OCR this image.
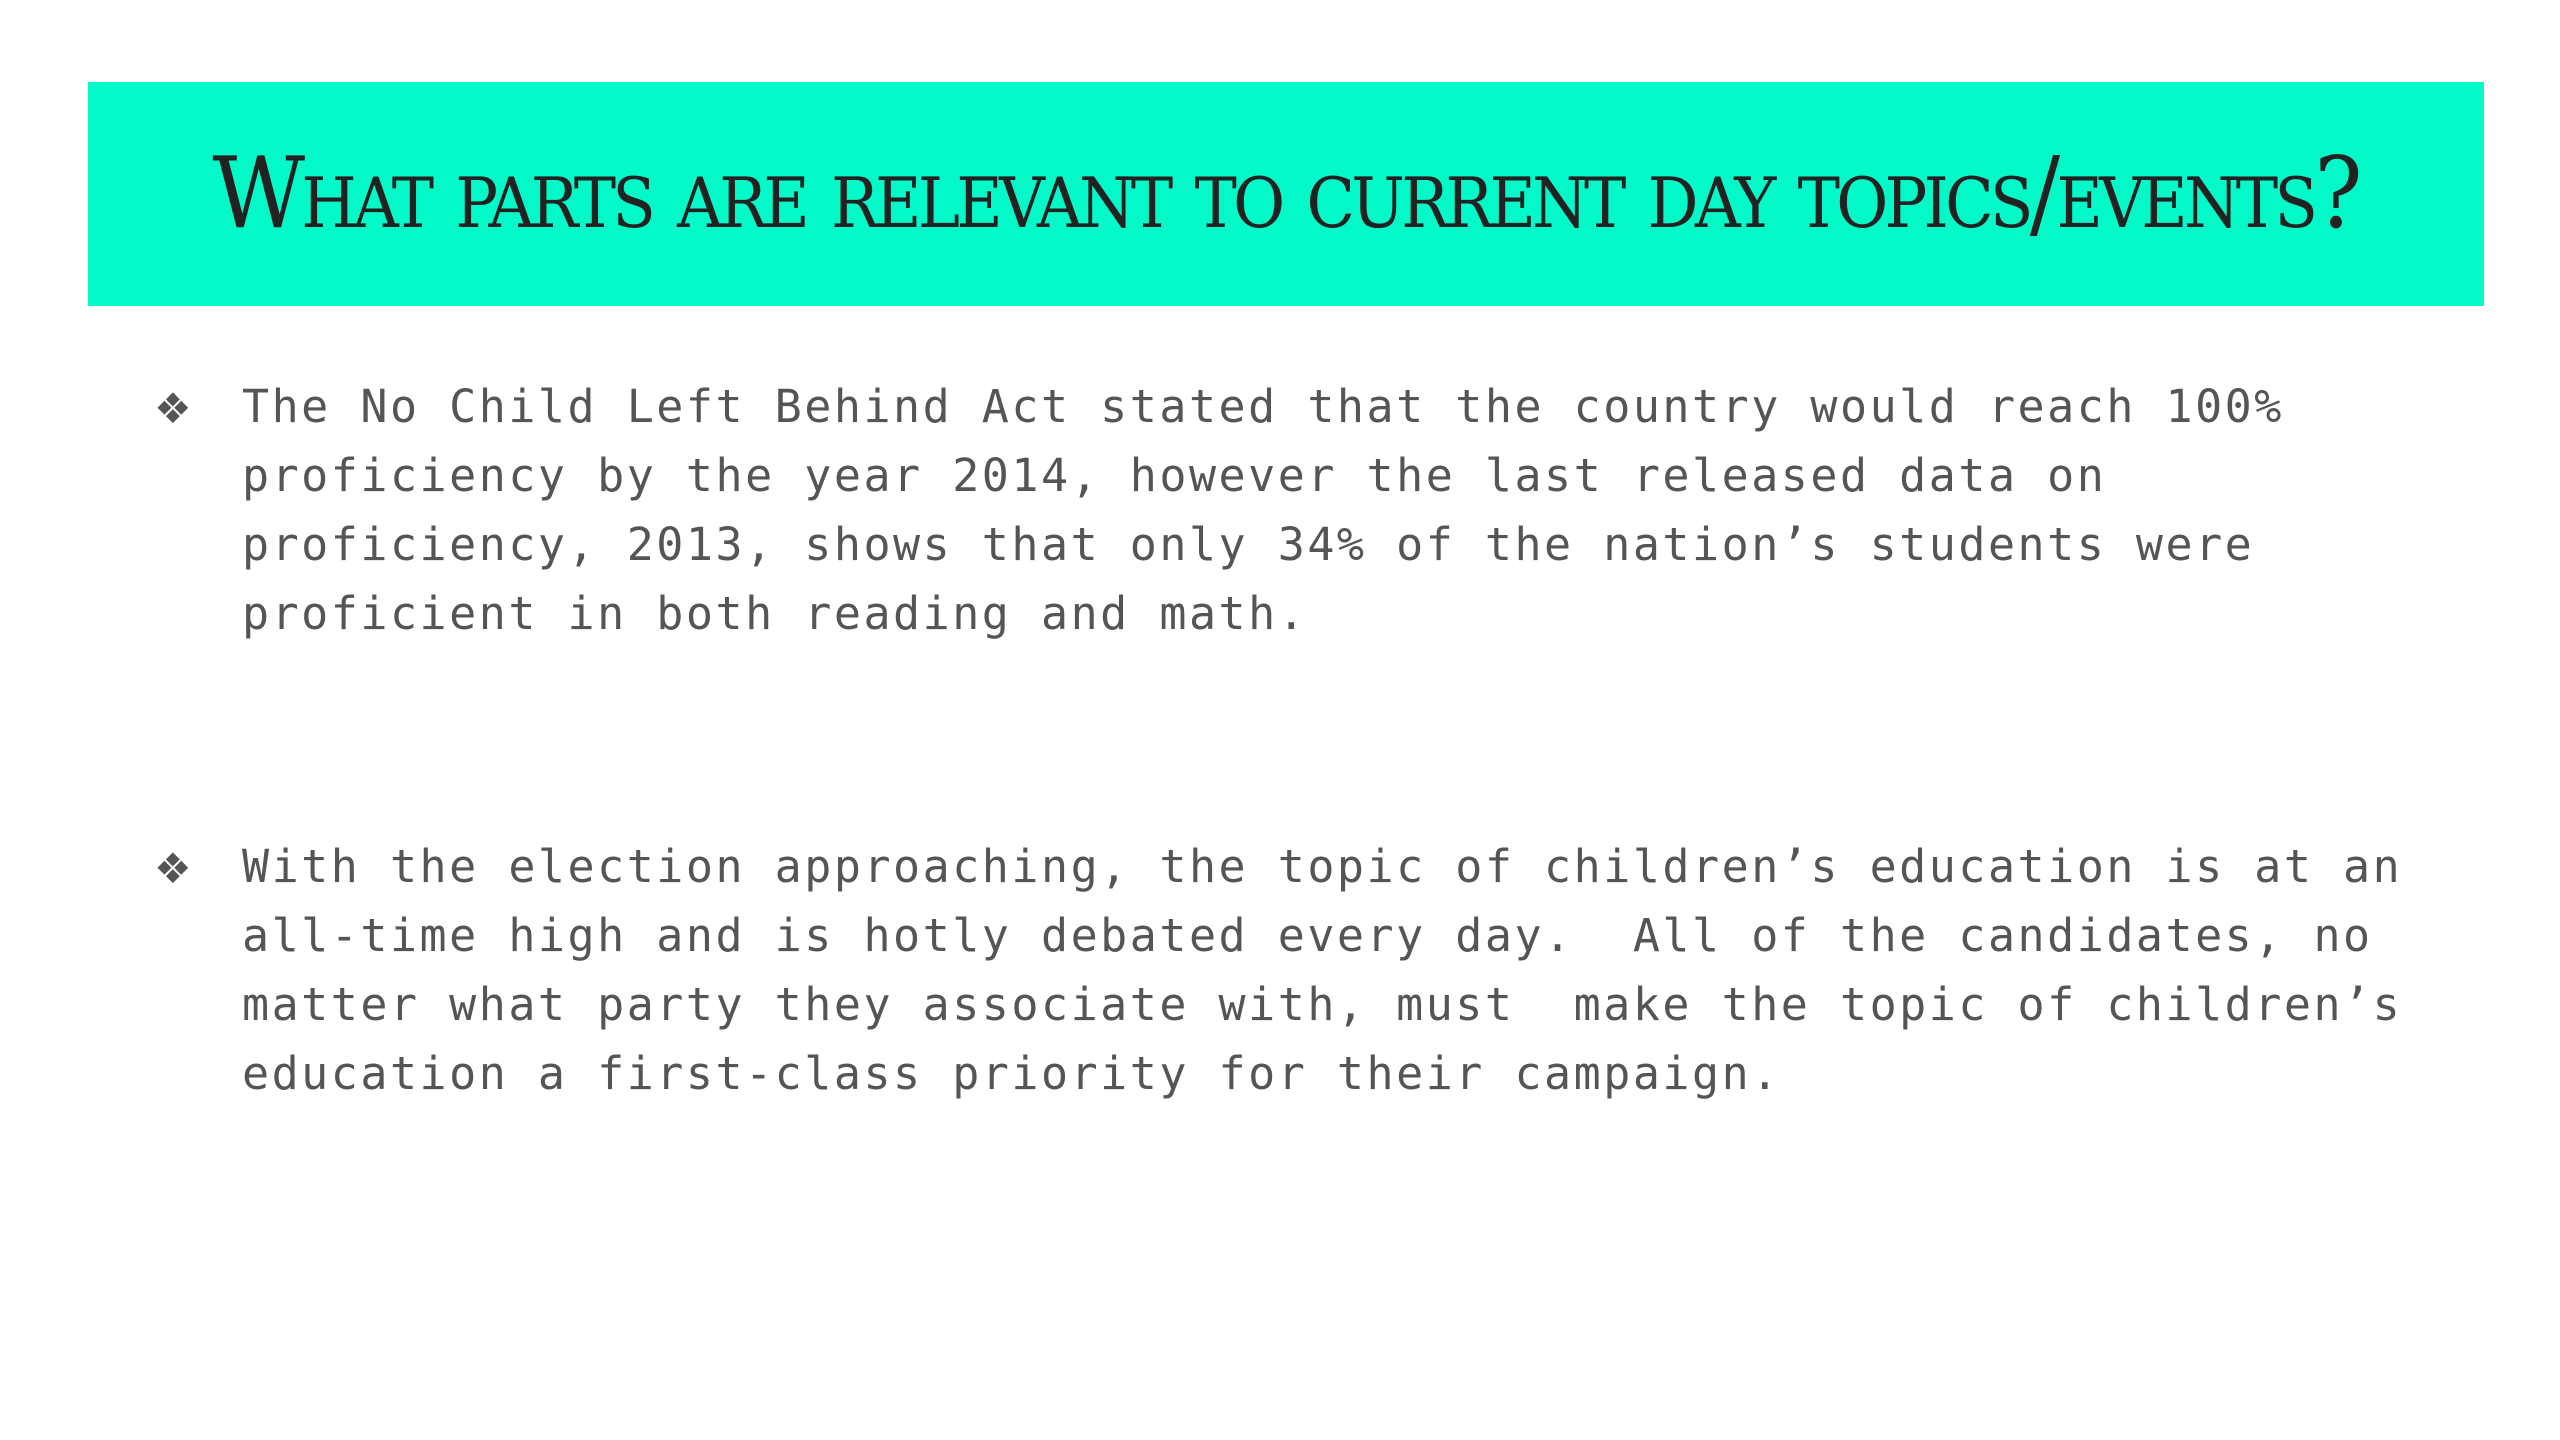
What parts are relevant to current day topics/events?
❖ The No Child Left Behind Act stated that the country would reach 100%
proficiency by the year 2014, however the last released data on
proficiency, 2013, shows that only 34% of the nation’s students were
proficient in both reading and math.

❖ With the election approaching, the topic of children’s education is at an
all-time high and is hotly debated every day.  All of the candidates, no
matter what party they associate with, must  make the topic of children’s
education a first-class priority for their campaign.
